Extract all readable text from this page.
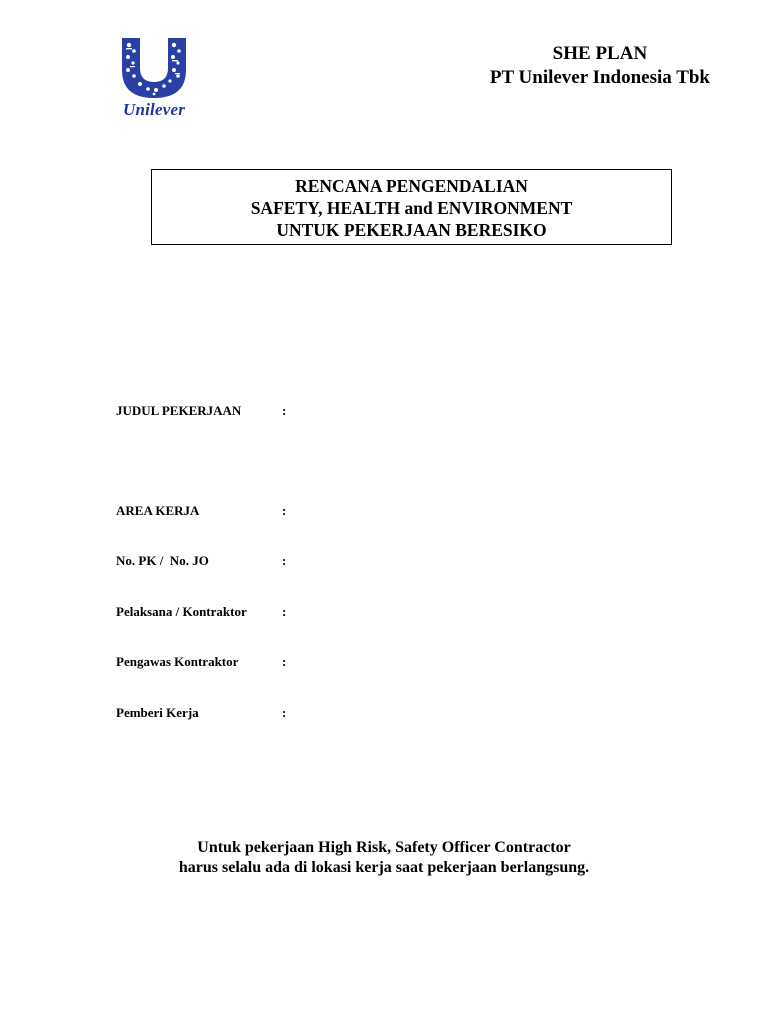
Unilever
SHE PLAN
PT Unilever Indonesia Tbk
RENCANA PENGENDALIAN
SAFETY, HEALTH and ENVIRONMENT
UNTUK PEKERJAAN BERESIKO
JUDUL PEKERJAAN	:
AREA KERJA	:
No. PK /  No. JO	:
Pelaksana / Kontraktor	:
Pengawas Kontraktor	:
Pemberi Kerja	:
Untuk pekerjaan High Risk, Safety Officer Contractor
harus selalu ada di lokasi kerja saat pekerjaan berlangsung.
